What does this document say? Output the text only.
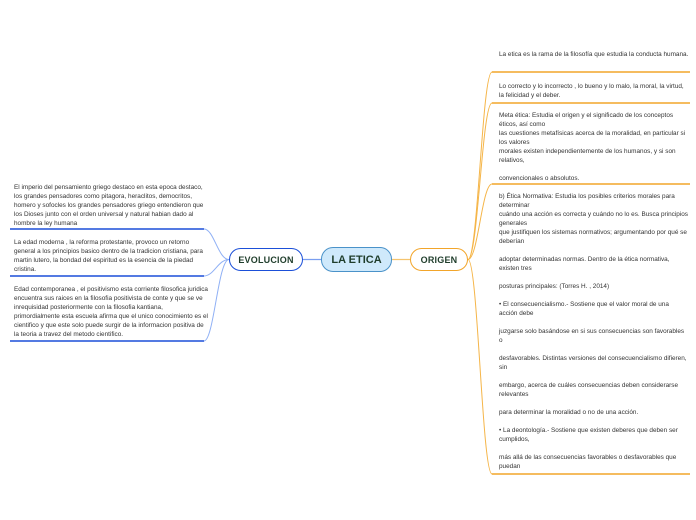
LA ETICA
EVOLUCION	ORIGEN

El imperio del pensamiento griego destaco en esta epoca destaco, los grandes pensadores como pitagora, heraclitos, democritos, homero y sofocles los grandes pensadores griego entendieron que los Dioses junto con el orden universal y natural habian dado al hombre la ley humana

La edad moderna , la reforma protestante, provoco un retorno general a los principios basico dentro de la tradicion cristiana, para martin lutero, la bondad del espiritud es la esencia de la piedad cristina.

Edad contemporanea , el positivismo esta corriente filosofica juridica encuentra sus raices en la filosofia positivista de conte y que se ve inrequisidad posteriormente con la filosofia kantiana, primordialmente esta escuela afirma que el unico conocimiento es el cientifico y que este solo puede surgir de la informacion positiva de la teoria a travez del metodo cientifico.

La etica es la rama de la filosofía que estudia la conducta humana.

Lo correcto y lo incorrecto , lo bueno y lo malo, la moral, la virtud, la felicidad y el deber.

Meta ética: Estudia el origen y el significado de los conceptos éticos, así como

las cuestiones metafísicas acerca de la moralidad, en particular si los valores

morales existen independientemente de los humanos, y si son relativos,

convencionales o absolutos.

b) Ética Normativa: Estudia los posibles criterios morales para determinar

cuándo una acción es correcta y cuándo no lo es. Busca principios generales

que justifiquen los sistemas normativos; argumentando por qué se deberían

adoptar determinadas normas. Dentro de la ética normativa, existen tres

posturas principales: (Torres H. , 2014)

• El consecuencialismo.- Sostiene que el valor moral de una acción debe

juzgarse solo basándose en si sus consecuencias son favorables o

desfavorables. Distintas versiones del consecuencialismo difieren, sin

embargo, acerca de cuáles consecuencias deben considerarse relevantes

para determinar la moralidad o no de una acción.

• La deontología.- Sostiene que existen deberes que deben ser cumplidos,

más allá de las consecuencias favorables o desfavorables que puedan
